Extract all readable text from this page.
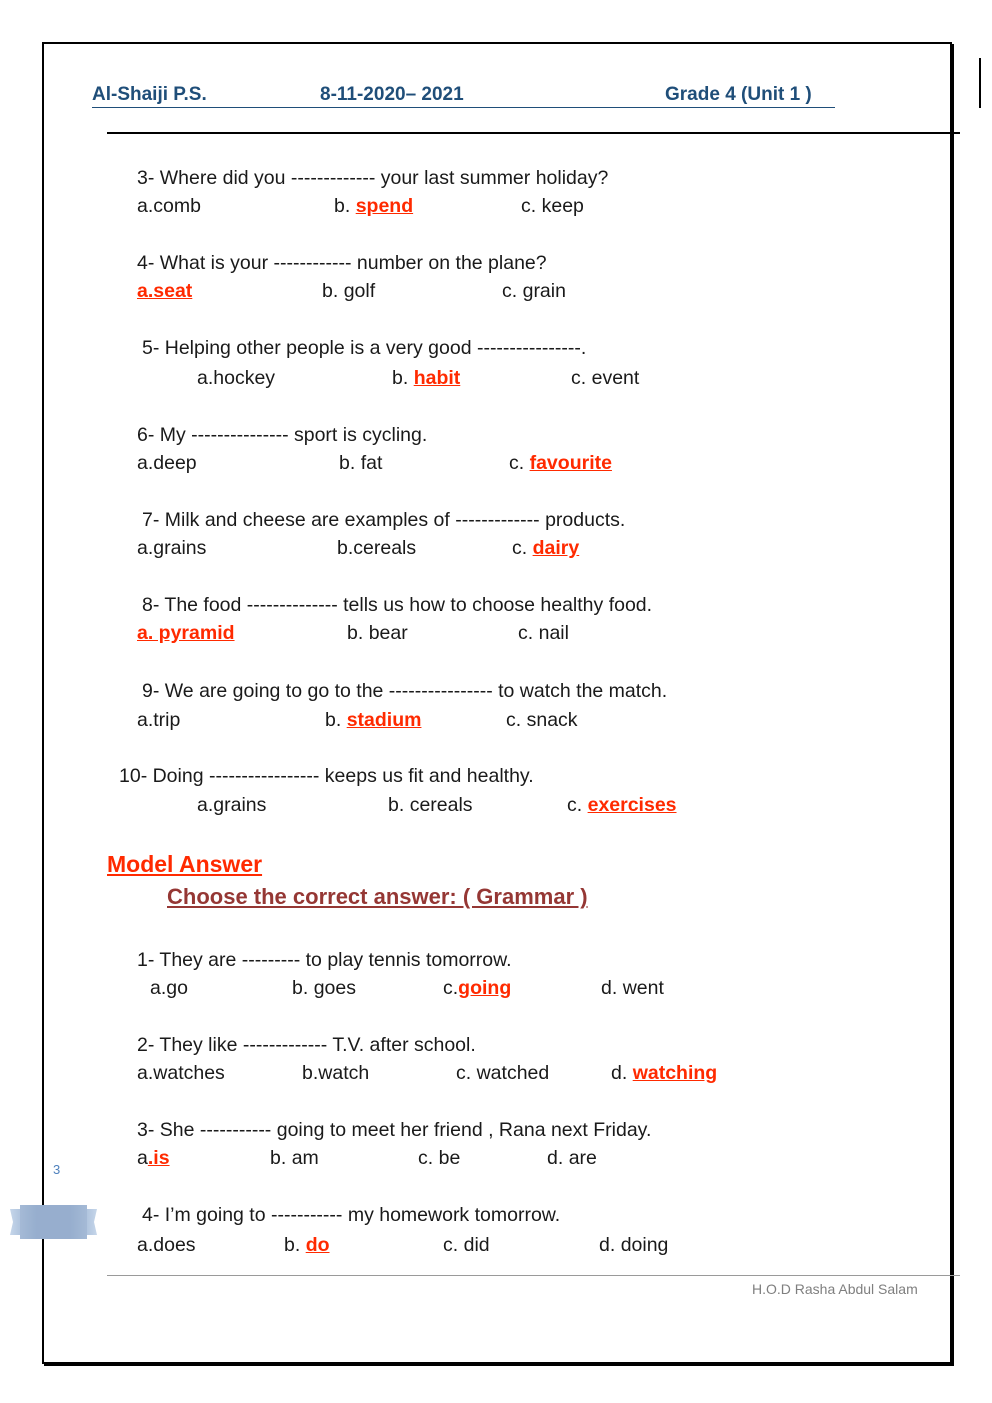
Al-Shaiji P.S.	8-11-2020– 2021	Grade 4 (Unit 1 )
3- Where did you ------------- your last summer holiday?
a.comb	b. spend	c. keep
4- What is your ------------ number on the plane?
a.seat	b. golf	c. grain
5- Helping other people is a very good ----------------.
a.hockey	b. habit	c. event
6- My --------------- sport is cycling.
a.deep	b. fat	c. favourite
7- Milk and cheese are examples of ------------- products.
a.grains	b.cereals	c. dairy
8- The food -------------- tells us how to choose healthy food.
a. pyramid	b. bear	c. nail
9- We are going to go to the ---------------- to watch the match.
a.trip	b. stadium	c. snack
10- Doing ----------------- keeps us fit and healthy.
a.grains	b. cereals	c. exercises
Model Answer
Choose the correct answer: ( Grammar )
1- They are --------- to play tennis tomorrow.
a.go	b. goes	c.going	d. went
2- They like ------------- T.V. after school.
a.watches	b.watch	c. watched	d. watching
3- She ----------- going to meet her friend , Rana next Friday.
a.is	b. am	c. be	d. are
4- I’m going to ----------- my homework tomorrow.
a.does	b. do	c. did	d. doing
3
H.O.D Rasha Abdul Salam
